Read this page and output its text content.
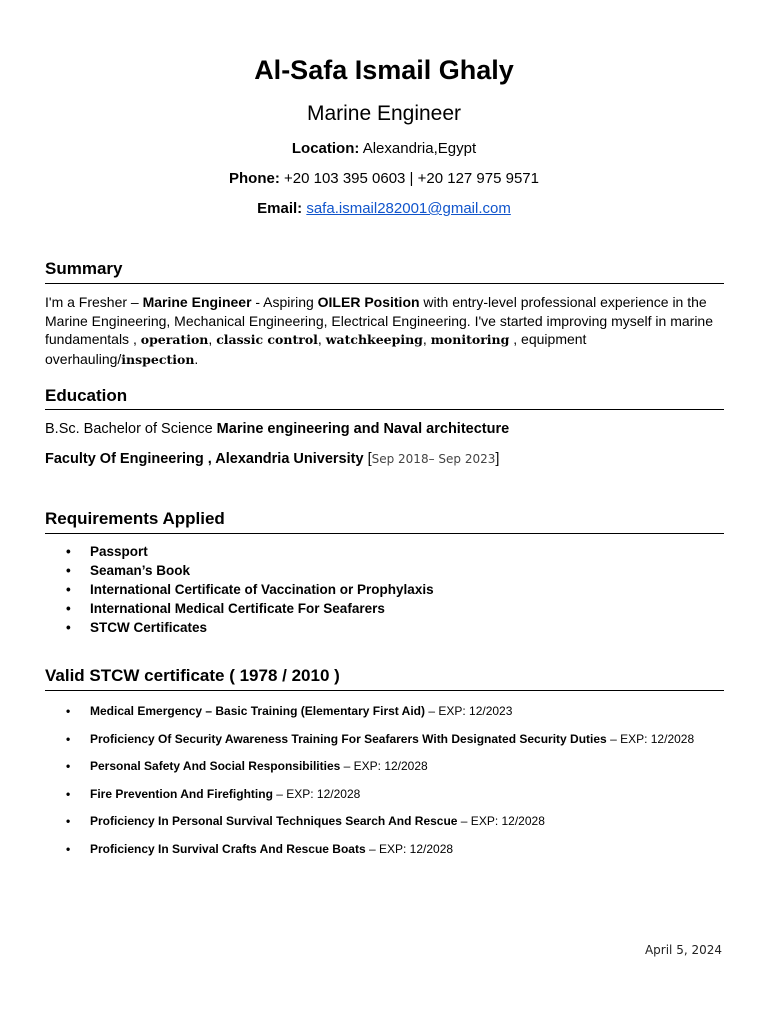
Al-Safa Ismail Ghaly
Marine Engineer
Location: Alexandria,Egypt
Phone: +20 103 395 0603 | +20 127 975 9571
Email: safa.ismail282001@gmail.com
Summary
I'm a Fresher – Marine Engineer - Aspiring OILER Position with entry-level professional experience in the Marine Engineering, Mechanical Engineering, Electrical Engineering. I've started improving myself in marine fundamentals , operation, classic control, watchkeeping, monitoring , equipment overhauling/inspection.
Education
B.Sc. Bachelor of Science Marine engineering and Naval architecture
Faculty Of Engineering , Alexandria University [Sep 2018– Sep 2023]
Requirements Applied
• Passport
• Seaman’s Book
• International Certificate of Vaccination or Prophylaxis
• International Medical Certificate For Seafarers
• STCW Certificates
Valid STCW certificate ( 1978 / 2010 )
• Medical Emergency – Basic Training (Elementary First Aid) – EXP: 12/2023
• Proficiency Of Security Awareness Training For Seafarers With Designated Security Duties – EXP: 12/2028
• Personal Safety And Social Responsibilities – EXP: 12/2028
• Fire Prevention And Firefighting – EXP: 12/2028
• Proficiency In Personal Survival Techniques Search And Rescue – EXP: 12/2028
• Proficiency In Survival Crafts And Rescue Boats – EXP: 12/2028
April 5, 2024
